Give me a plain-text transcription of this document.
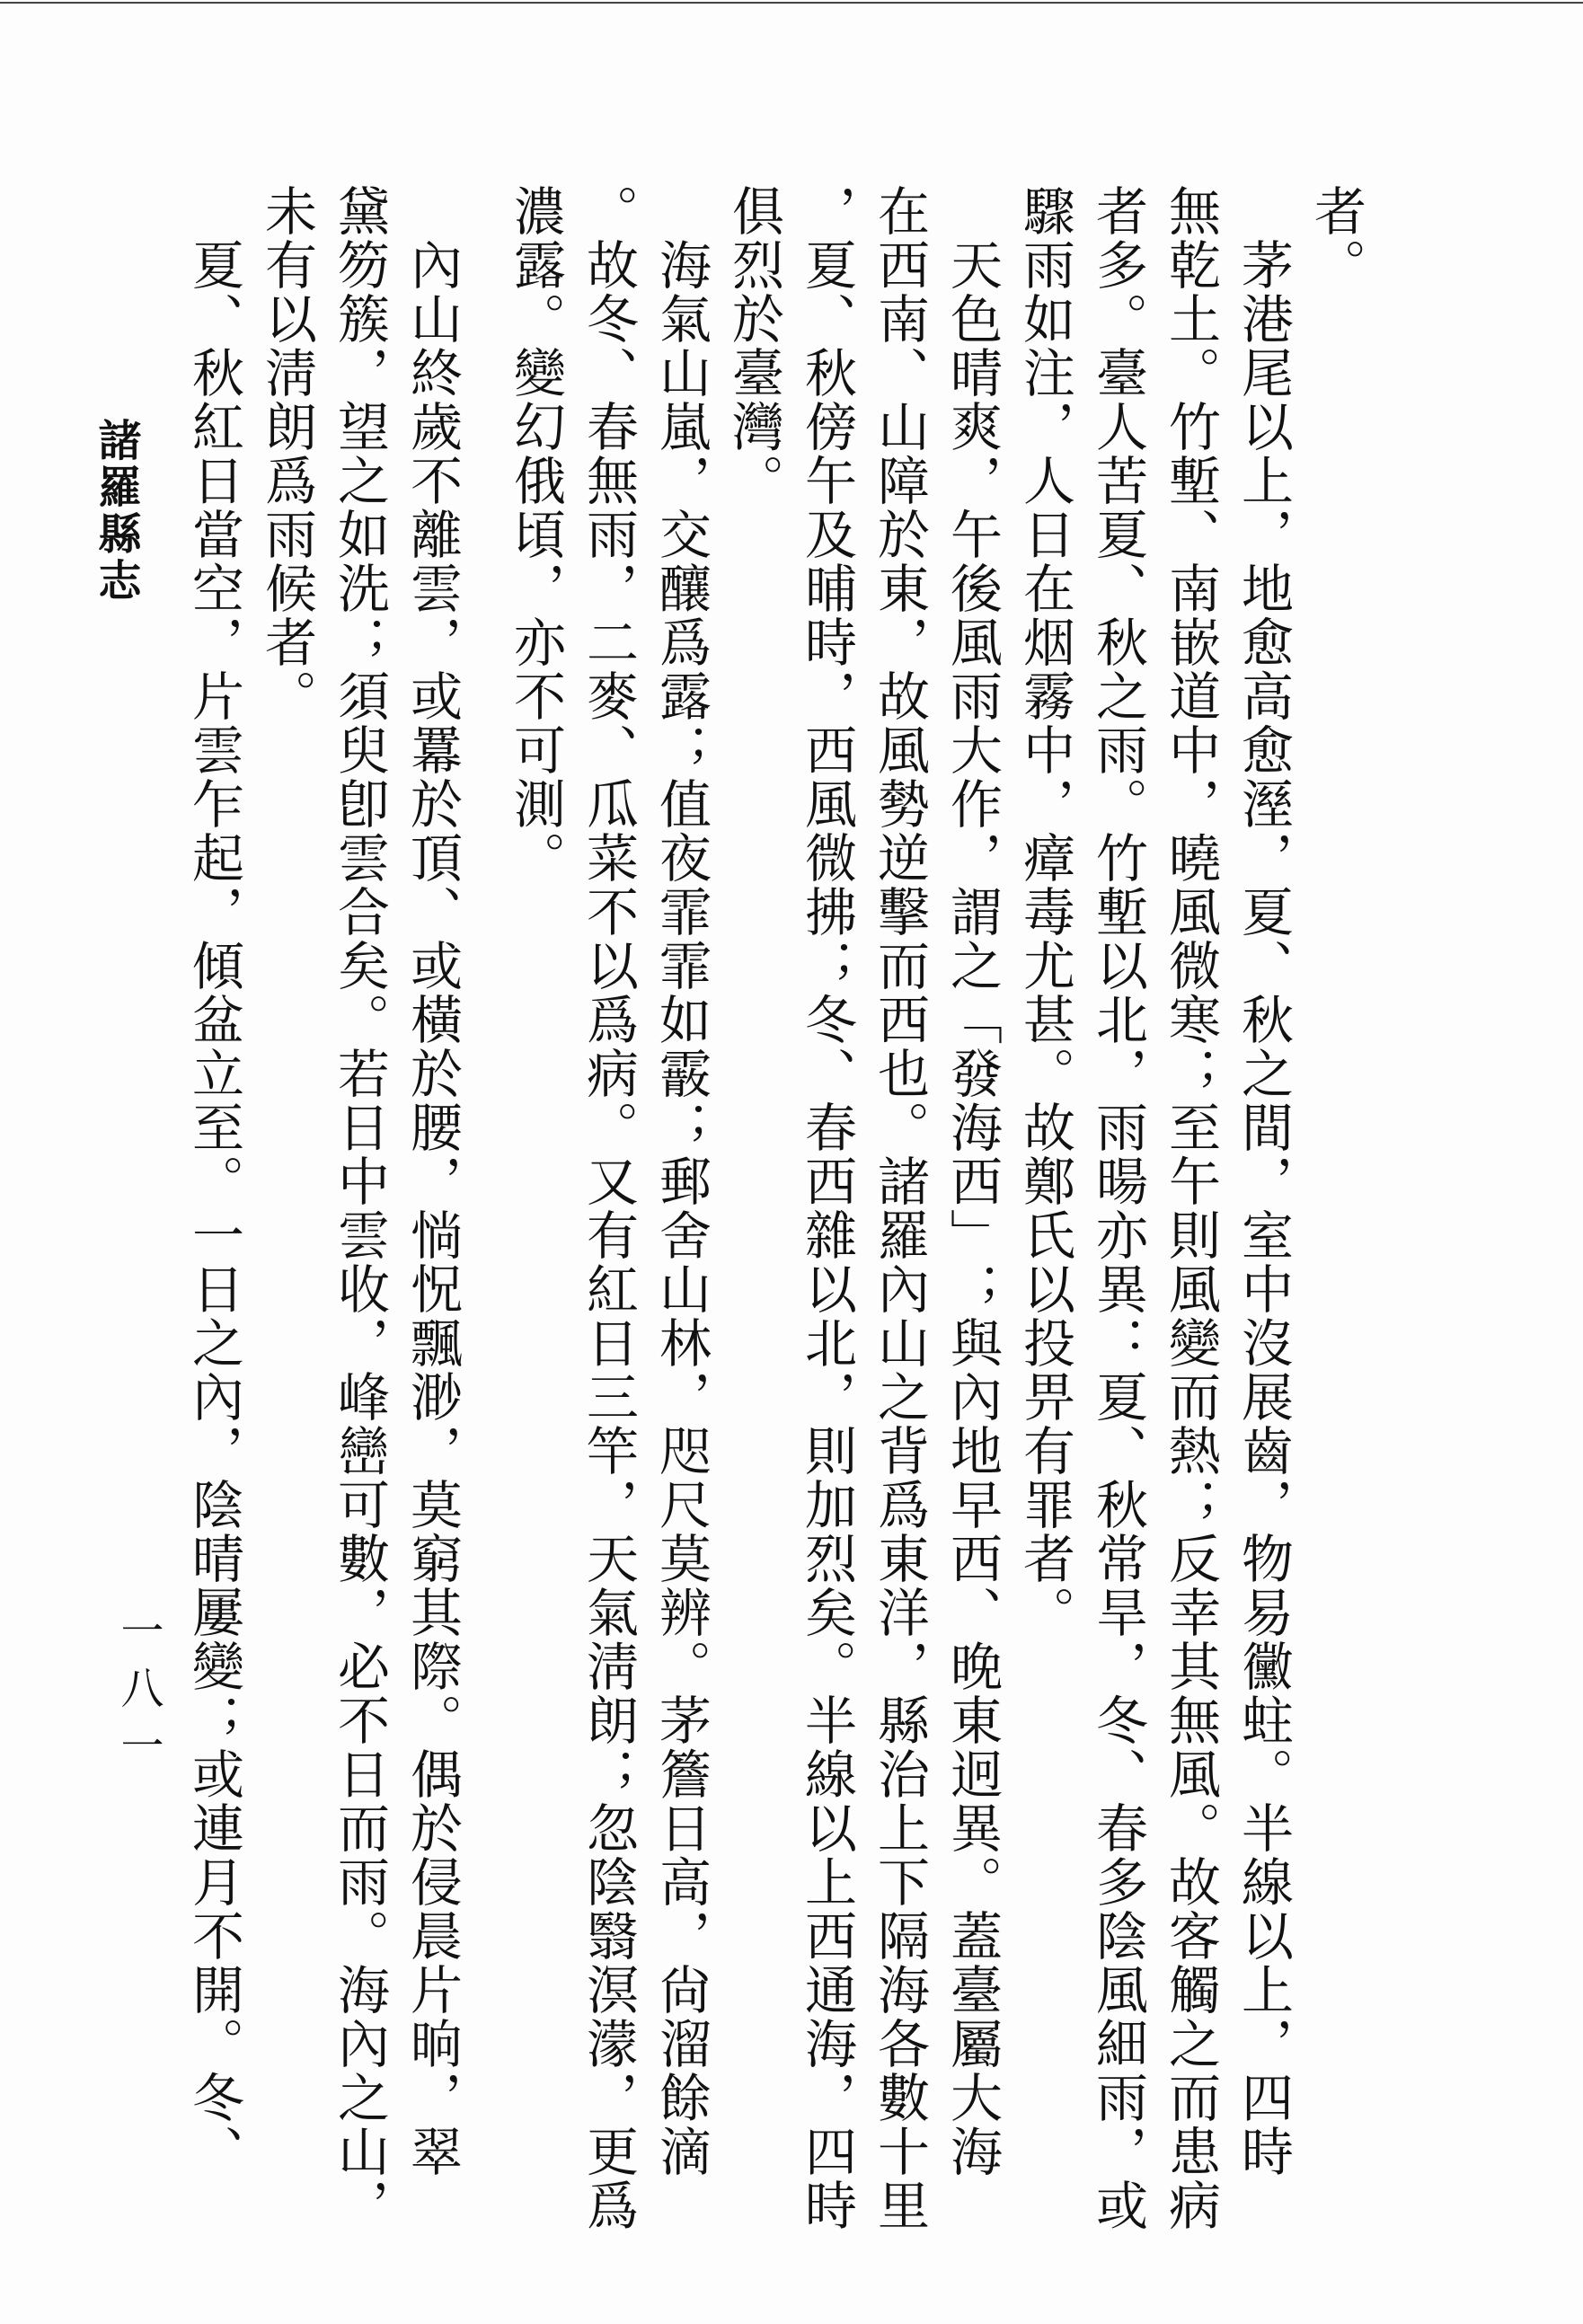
者。
　茅港尾以上，地愈高愈溼，夏、秋之間，室中沒展齒，物易黴蛀。半線以上，四時
無乾土。竹塹、南嵌道中，曉風微寒；至午則風變而熱；反幸其無風。故客觸之而患病
者多。臺人苦夏、秋之雨。竹塹以北，雨暘亦異：夏、秋常旱，冬、春多陰風細雨，或
驟雨如注，人日在烟霧中，瘴毒尤甚。故鄭氏以投畀有罪者。
　天色晴爽，午後風雨大作，謂之「發海西」；與內地早西、晚東迥異。蓋臺屬大海
在西南、山障於東，故風勢逆擊而西也。諸羅內山之背爲東洋，縣治上下隔海各數十里
，夏、秋傍午及晡時，西風微拂；冬、春西雜以北，則加烈矣。半線以上西通海，四時
俱烈於臺灣。
　海氣山嵐，交釀爲露；值夜霏霏如霰；郵舍山林，咫尺莫辨。茅簷日高，尙溜餘滴
。故冬、春無雨，二麥、瓜菜不以爲病。又有紅日三竿，天氣淸朗；忽陰翳溟濛，更爲
濃露。變幻俄頃，亦不可測。
　內山終歲不離雲，或羃於頂、或橫於腰，惝怳飄渺，莫窮其際。偶於侵晨片晌，翠
黛笏簇，望之如洗；須臾卽雲合矣。若日中雲收，峰巒可數，必不日而雨。海內之山，
未有以淸朗爲雨候者。
　夏、秋紅日當空，片雲乍起，傾盆立至。一日之內，陰晴屢變；或連月不開。冬、
諸羅縣志
一八一
